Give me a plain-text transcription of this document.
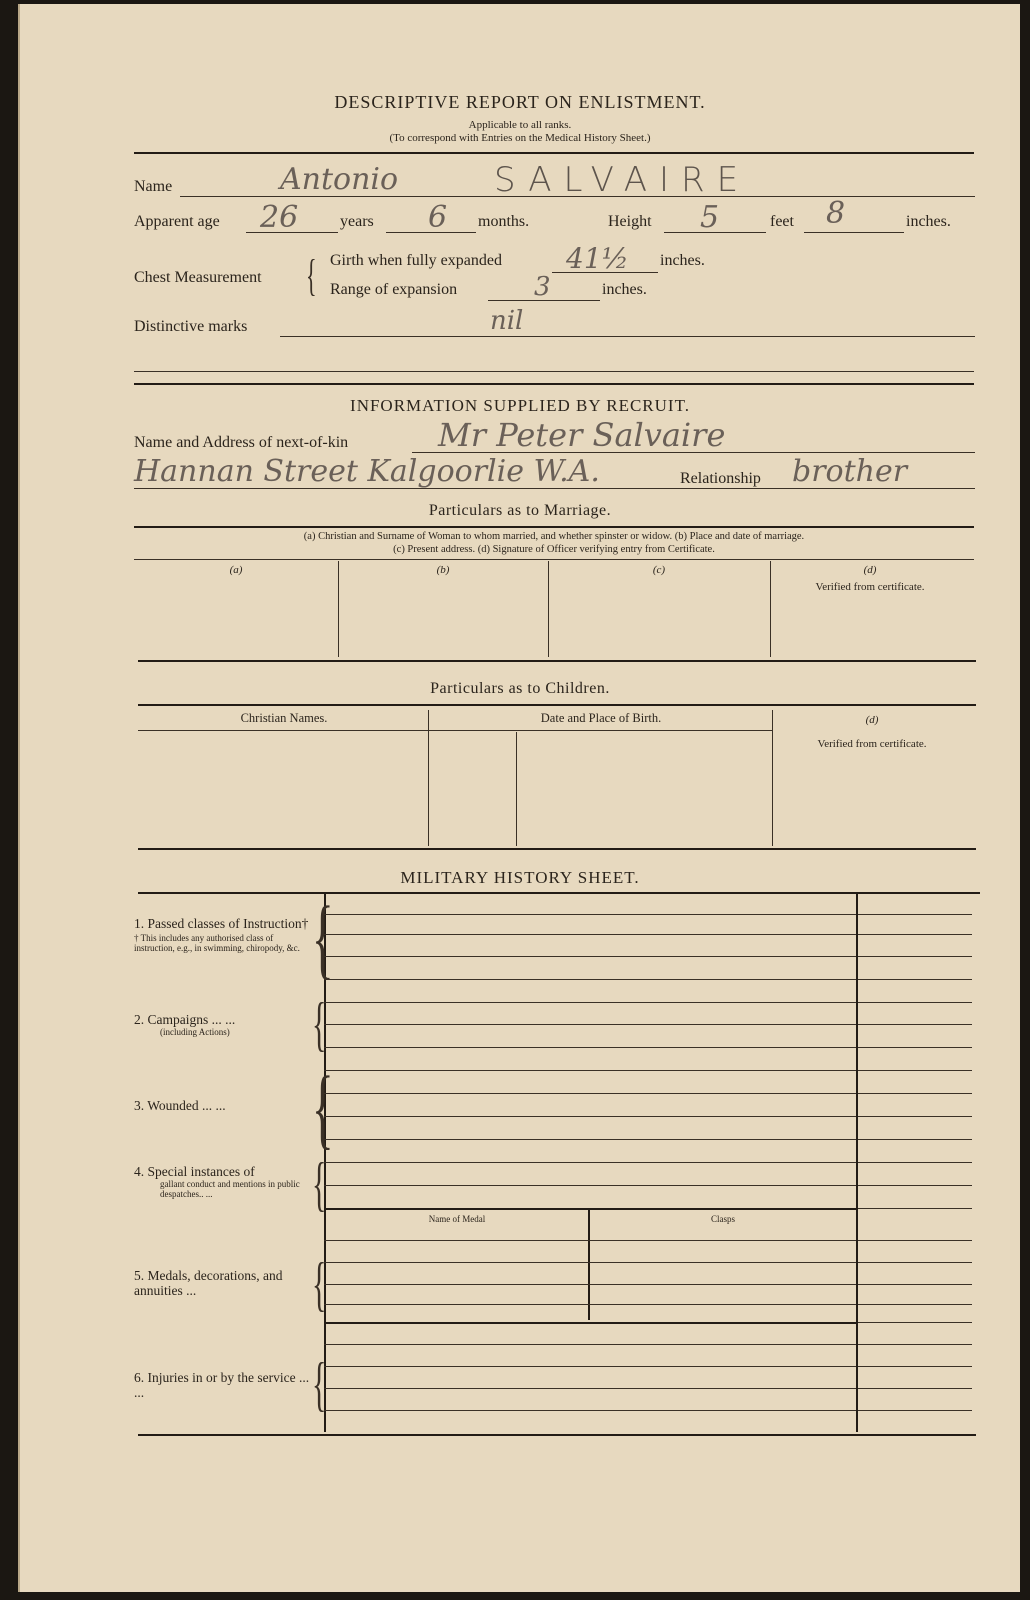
DESCRIPTIVE REPORT ON ENLISTMENT.
Applicable to all ranks.
(To correspond with Entries on the Medical History Sheet.)
Name	Antonio	SALVAIRE
Apparent age 26	years 6 months.	Height 5	feet 8	inches.
Chest Measurement { Girth when fully expanded 41½ inches.
Range of expansion	3	inches.
Distinctive marks	nil
INFORMATION SUPPLIED BY RECRUIT.
Name and Address of next-of-kin	Mr Peter Salvaire
Hannan Street Kalgoorlie W.A.	Relationship brother
Particulars as to Marriage.
(a) Christian and Surname of Woman to whom married, and whether spinster or widow. (b) Place and date of marriage.
(c) Present address. (d) Signature of Officer verifying entry from Certificate.
(a)	(b)	(c)	(d)
Verified from certificate.
Particulars as to Children.
Christian Names.	Date and Place of Birth.	(d)
Verified from certificate.
MILITARY HISTORY SHEET.
Name of Medal	Clasps
1. Passed classes of Instruction†
† This includes any authorised class of instruction, e.g., in swimming, chiropody, &c. {
2. Campaigns ... ...
(including Actions)	{
3. Wounded ... ... {
4. Special instances of
gallant conduct and mentions in public despatches.. ...	{
5. Medals, decorations, and annuities ...	{
6. Injuries in or by the service ... ...	{
